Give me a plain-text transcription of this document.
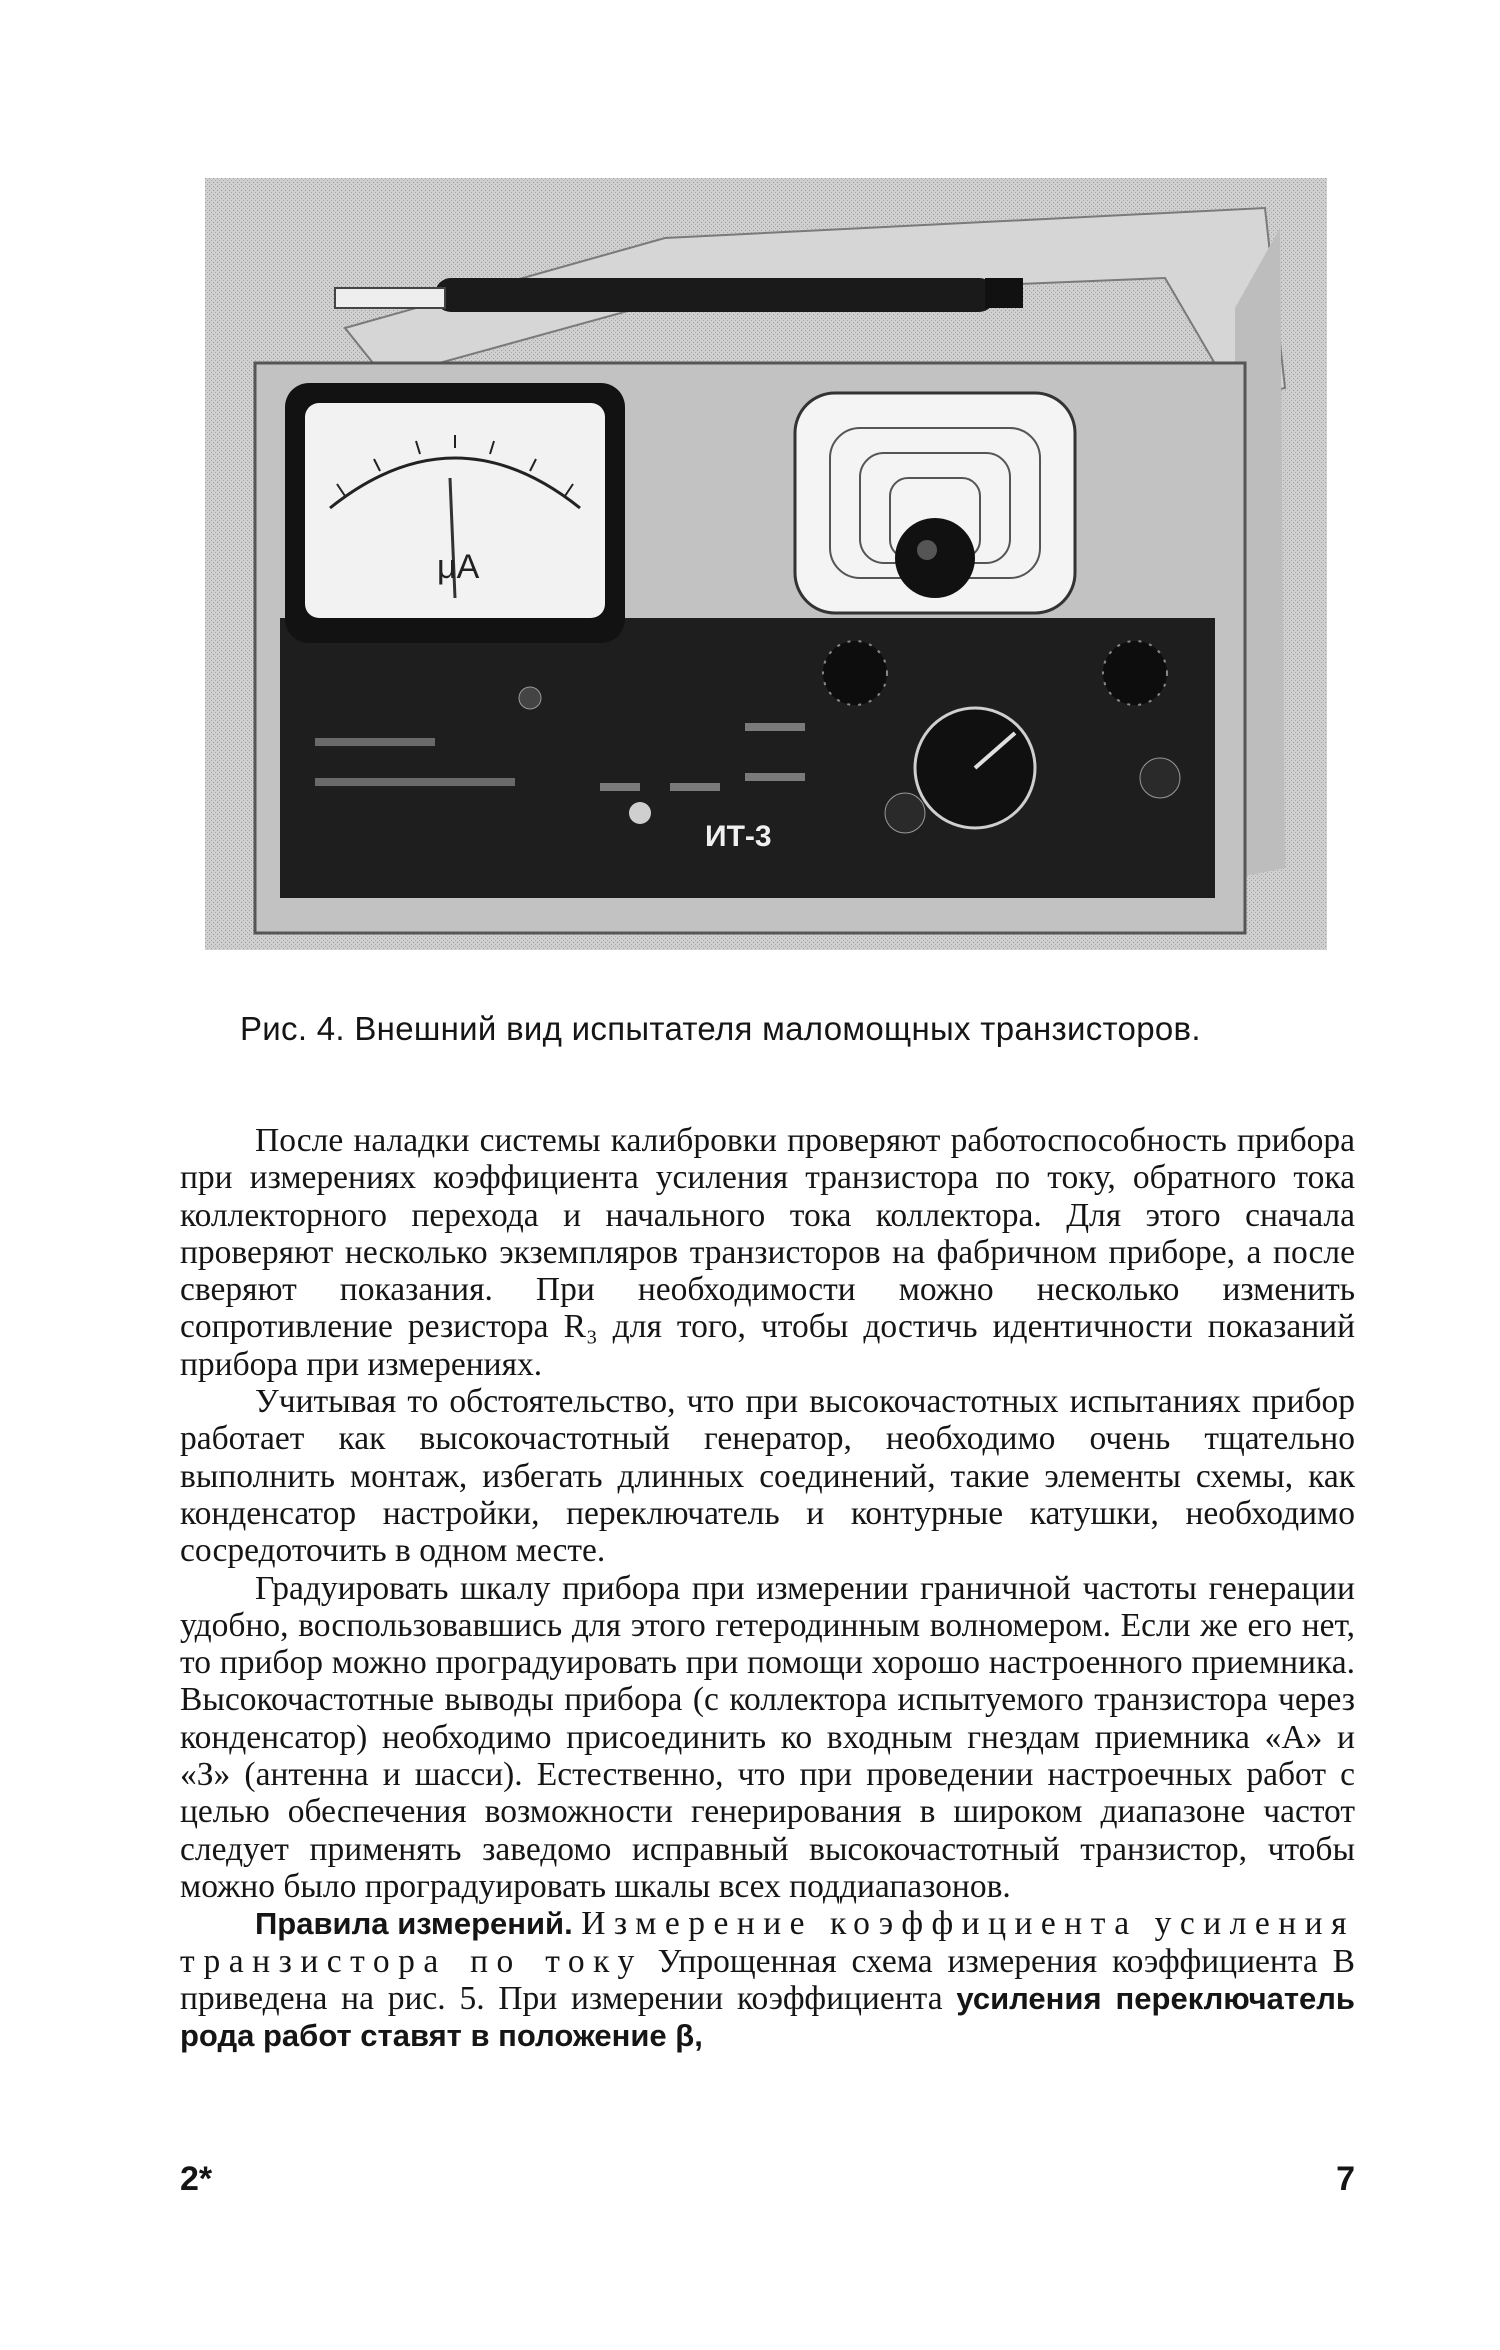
μA
ИТ-3
Рис. 4. Внешний вид испытателя маломощных транзисторов.

После наладки системы калибровки проверяют работоспособность прибора при измерениях коэффициента усиления транзистора по току, обратного тока коллекторного перехода и начального тока коллектора. Для этого сначала проверяют несколько экземпляров транзисторов на фабричном приборе, а после сверяют показания. При необходимости можно несколько изменить сопротивление резистора R₃ для того, чтобы достичь идентичности показаний прибора при измерениях.

Учитывая то обстоятельство, что при высокочастотных испытаниях прибор работает как высокочастотный генератор, необходимо очень тщательно выполнить монтаж, избегать длинных соединений, такие элементы схемы, как конденсатор настройки, переключатель и контурные катушки, необходимо сосредоточить в одном месте.

Градуировать шкалу прибора при измерении граничной частоты генерации удобно, воспользовавшись для этого гетеродинным волномером. Если же его нет, то прибор можно проградуировать при помощи хорошо настроенного приемника. Высокочастотные выводы прибора (с коллектора испытуемого транзистора через конденсатор) необходимо присоединить ко входным гнездам приемника «А» и «З» (антенна и шасси). Естественно, что при проведении настроечных работ с целью обеспечения возможности генерирования в широком диапазоне частот следует применять заведомо исправный высокочастотный транзистор, чтобы можно было проградуировать шкалы всех поддиапазонов.

Правила измерений. Измерение коэффициента усиления транзистора по току Упрощенная схема измерения коэффициента B приведена на рис. 5. При измерении коэффициента усиления переключатель рода работ ставят в положение β,

2*	7
